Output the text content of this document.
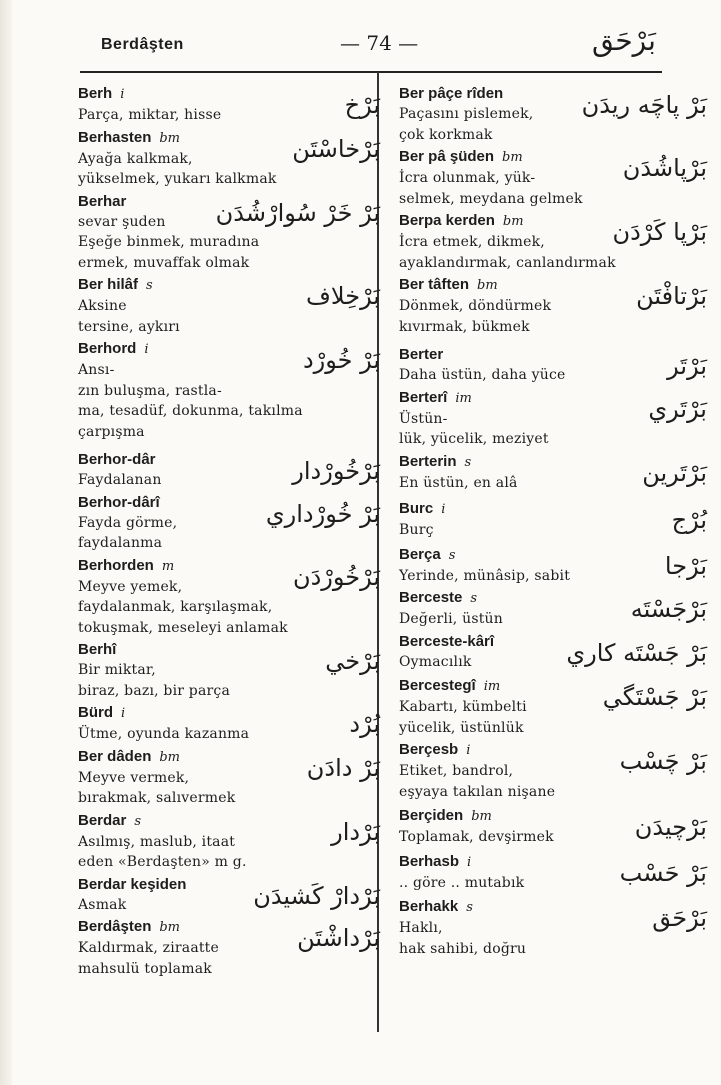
Berdâşten	— 74 —	بَرْحَق
Berh i
Parça, miktar, hisse	بَرْخ
Berhasten bm
Ayağa kalkmak,
yükselmek, yukarı kalkmak
بَرْخاسْتَن
Berhar
sevar şuden
Eşeğe binmek, muradına
ermek, muvaffak olmak
بَرْ خَرْ سُوارْشُدَن
Ber hilâf s
Aksine
tersine, aykırı
بَرْخِلاف
Berhord i
Ansı-
zın buluşma, rastla-
ma, tesadüf, dokunma, takılma
çarpışma
بَرْ خُورْد
Berhor-dâr
Faydalanan	بَرْخُورْدار
Berhor-dârî
Fayda görme,
faydalanma
بَرْ خُورْداري
Berhorden m
Meyve yemek,
faydalanmak, karşılaşmak,
tokuşmak, meseleyi anlamak
بَرْخُورْدَن
Berhî
Bir miktar,
biraz, bazı, bir parça
بَرْخي
Bürd i
Ütme, oyunda kazanma	بُرْد
Ber dâden bm
Meyve vermek,
bırakmak, salıvermek
بَرْ دادَن
Berdar s
Asılmış, maslub, itaat
eden «Berdaşten» m g.
بَرْدار
Berdar keşiden
Asmak	بَرْدارْ كَشيدَن
Berdâşten bm
Kaldırmak, ziraatte
mahsulü toplamak
بَرْداشْتَن
Ber pâçe rîden
Paçasını pislemek,
çok korkmak
بَرْ پاچَه ريدَن
Ber pâ şüden bm
İcra olunmak, yük-
selmek, meydana gelmek
بَرْپاشُدَن
Berpa kerden bm
İcra etmek, dikmek,
ayaklandırmak, canlandırmak
بَرْپا كَرْدَن
Ber tâften bm
Dönmek, döndürmek
kıvırmak, bükmek
بَرْتافْتَن
Berter
Daha üstün, daha yüce	بَرْتَر
Berterî im
Üstün-
lük, yücelik, meziyet
بَرْتَري
Berterin s
En üstün, en alâ	بَرْتَرين
Burc i
Burç	بُرْج
Berça s
Yerinde, münâsip, sabit	بَرْجا
Berceste s
Değerli, üstün	بَرْجَسْتَه
Berceste-kârî
Oymacılık	بَرْ جَسْتَه كاري
Bercestegî im
Kabartı, kümbelti
yücelik, üstünlük
بَرْ جَسْتَگي
Berçesb i
Etiket, bandrol,
eşyaya takılan nişane
بَرْ چَسْب
Berçiden bm
Toplamak, devşirmek	بَرْچيدَن
Berhasb i
.. göre .. mutabık	بَرْ حَسْب
Berhakk s
Haklı,
hak sahibi, doğru
بَرْحَق
